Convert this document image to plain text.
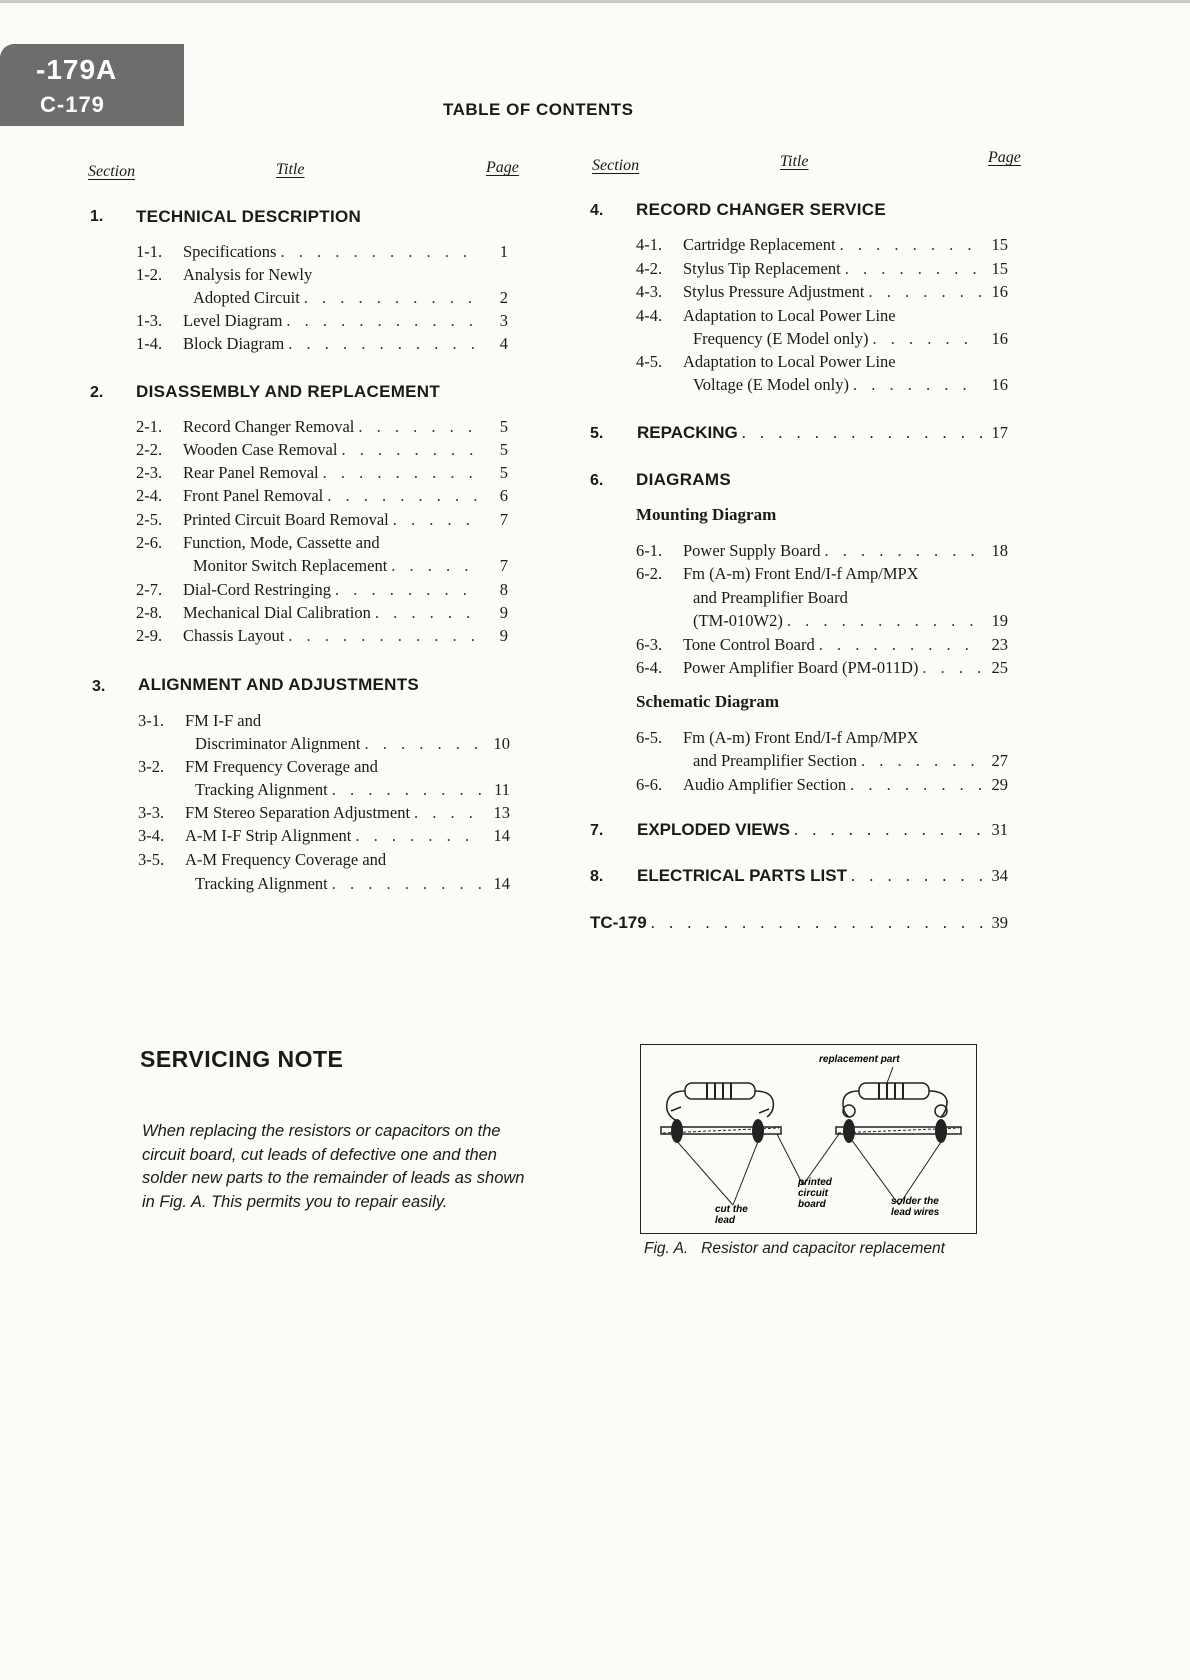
-179A
C-179	TABLE OF CONTENTS
Section	Title	Page	Section	Title	Page
1. TECHNICAL DESCRIPTION
1-1.	Specifications . . .	1
1-2. Analysis for Newly
Adopted Circuit . . .	2
1-3.	Level Diagram . . .	3
1-4.	Block Diagram . . .	4
2. DISASSEMBLY AND REPLACEMENT
2-1.	Record Changer Removal . . .	5
2-2.	Wooden Case Removal . . .	5
2-3.	Rear Panel Removal . . .	5
2-4.	Front Panel Removal . . .	6
2-5.	Printed Circuit Board Removal . . .	7
2-6. Function, Mode, Cassette and
Monitor Switch Replacement . . .	7
2-7.	Dial-Cord Restringing . . .	8
2-8.	Mechanical Dial Calibration . . .	9
2-9.	Chassis Layout . . .	9
3. ALIGNMENT AND ADJUSTMENTS
3-1. FM I-F and
Discriminator Alignment . . .	10
3-2. FM Frequency Coverage and
Tracking Alignment . . .	11
3-3.	FM Stereo Separation Adjustment . . .	13
3-4.	A-M I-F Strip Alignment . . .	14
3-5. A-M Frequency Coverage and
Tracking Alignment . . .	14
4. RECORD CHANGER SERVICE
4-1.	Cartridge Replacement . . .	15
4-2.	Stylus Tip Replacement . . .	15
4-3.	Stylus Pressure Adjustment . . .	16
4-4. Adaptation to Local Power Line
Frequency (E Model only) . . .	16
4-5. Adaptation to Local Power Line
Voltage (E Model only) . . .	16
5.	REPACKING . . .	17
6. DIAGRAMS
Mounting Diagram
6-1.	Power Supply Board . . .	18
6-2. Fm (A-m) Front End/I-f Amp/MPX
and Preamplifier Board
(TM-010W2) . . .	19
6-3.	Tone Control Board . . .	23
6-4.	Power Amplifier Board (PM-011D) . . .	25
Schematic Diagram
6-5. Fm (A-m) Front End/I-f Amp/MPX
and Preamplifier Section . . .	27
6-6.	Audio Amplifier Section . . .	29
7.	EXPLODED VIEWS . . .	31
8.	ELECTRICAL PARTS LIST . . .	34
TC-179 . . .	39
SERVICING NOTE
When replacing the resistors or capacitors on the
circuit board, cut leads of defective one and then
solder new parts to the remainder of leads as shown
in Fig. A. This permits you to repair easily.
replacement part
printed
circuit
board
cut the
lead
solder the
lead wires
Fig. A. Resistor and capacitor replacement
